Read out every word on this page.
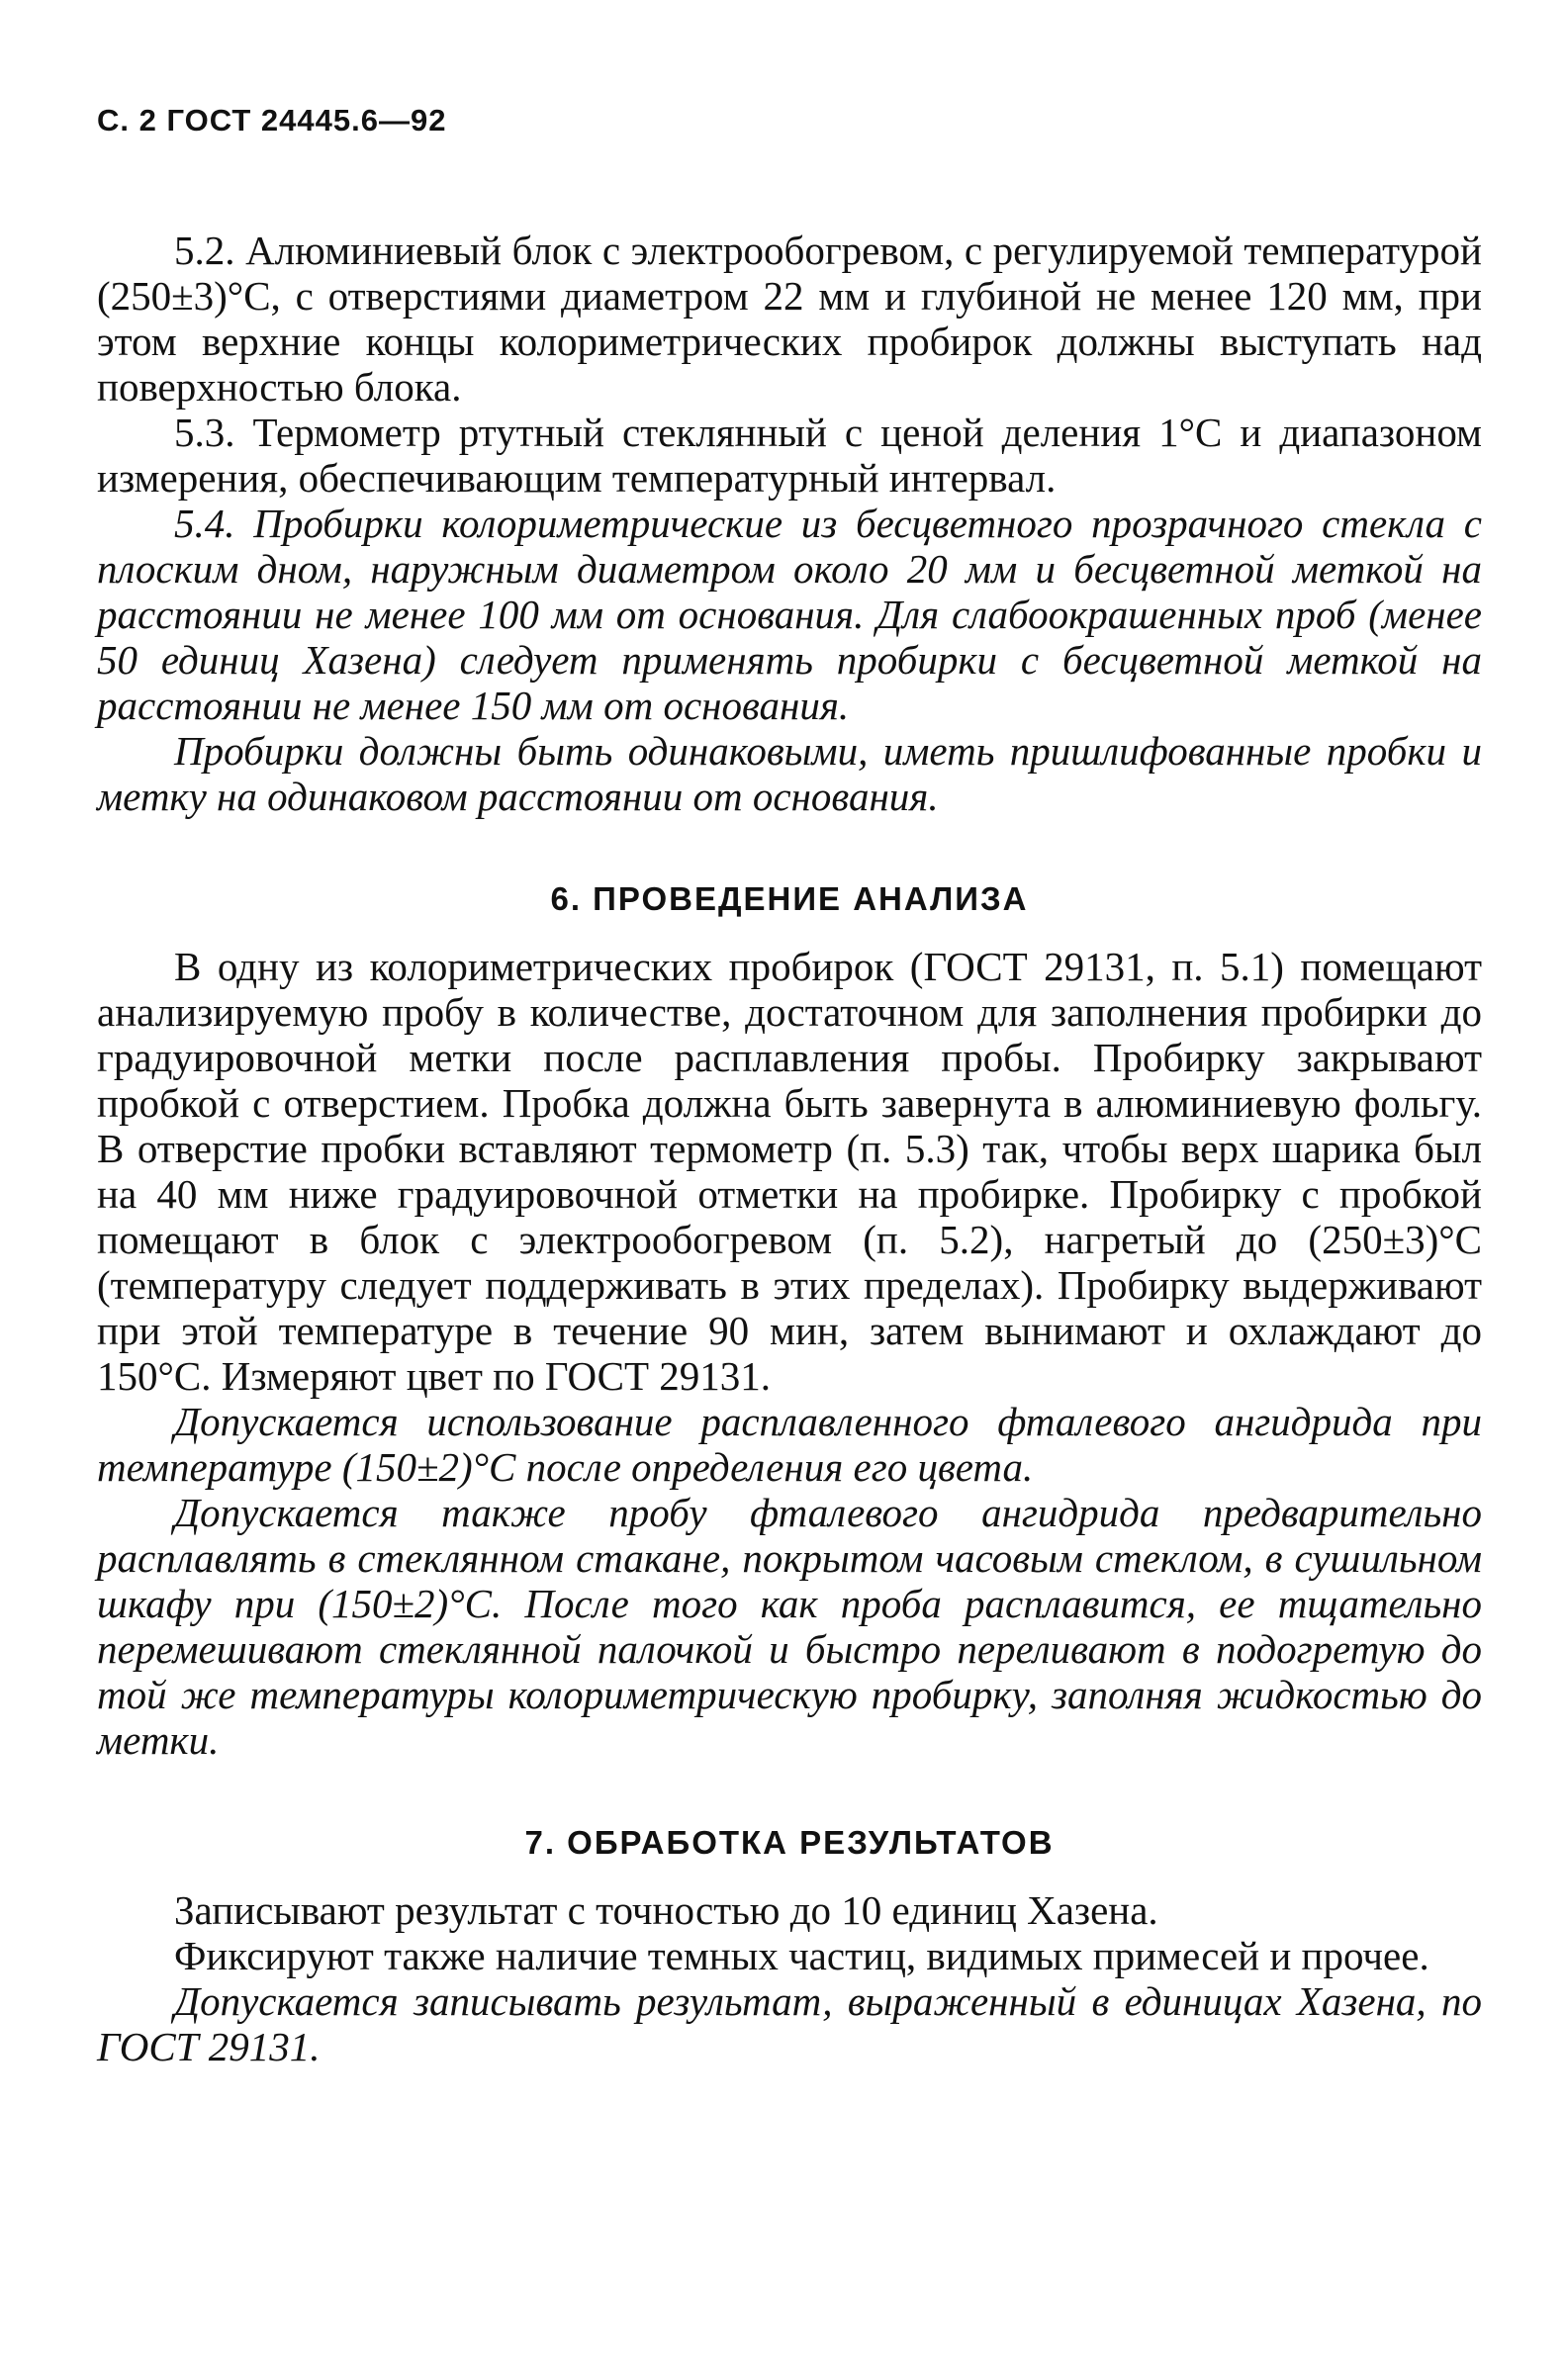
С. 2 ГОСТ 24445.6—92

5.2. Алюминиевый блок с электрообогревом, с регулируемой температурой (250±3)°С, с отверстиями диаметром 22 мм и глубиной не менее 120 мм, при этом верхние концы колориметрических пробирок должны выступать над поверхностью блока.

5.3. Термометр ртутный стеклянный с ценой деления 1°С и диапазоном измерения, обеспечивающим температурный интервал.

5.4. Пробирки колориметрические из бесцветного прозрачного стекла с плоским дном, наружным диаметром около 20 мм и бесцветной меткой на расстоянии не менее 100 мм от основания. Для слабоокрашенных проб (менее 50 единиц Хазена) следует применять пробирки с бесцветной меткой на расстоянии не менее 150 мм от основания.

Пробирки должны быть одинаковыми, иметь пришлифованные пробки и метку на одинаковом расстоянии от основания.

6. ПРОВЕДЕНИЕ АНАЛИЗА

В одну из колориметрических пробирок (ГОСТ 29131, п. 5.1) помещают анализируемую пробу в количестве, достаточном для заполнения пробирки до градуировочной метки после расплавления пробы. Пробирку закрывают пробкой с отверстием. Пробка должна быть завернута в алюминиевую фольгу. В отверстие пробки вставляют термометр (п. 5.3) так, чтобы верх шарика был на 40 мм ниже градуировочной отметки на пробирке. Пробирку с пробкой помещают в блок с электрообогревом (п. 5.2), нагретый до (250±3)°С (температуру следует поддерживать в этих пределах). Пробирку выдерживают при этой температуре в течение 90 мин, затем вынимают и охлаждают до 150°С. Измеряют цвет по ГОСТ 29131.

Допускается использование расплавленного фталевого ангидрида при температуре (150±2)°С после определения его цвета.

Допускается также пробу фталевого ангидрида предварительно расплавлять в стеклянном стакане, покрытом часовым стеклом, в сушильном шкафу при (150±2)°С. После того как проба расплавится, ее тщательно перемешивают стеклянной палочкой и быстро переливают в подогретую до той же температуры колориметрическую пробирку, заполняя жидкостью до метки.

7. ОБРАБОТКА РЕЗУЛЬТАТОВ

Записывают результат с точностью до 10 единиц Хазена.

Фиксируют также наличие темных частиц, видимых примесей и прочее.

Допускается записывать результат, выраженный в единицах Хазена, по ГОСТ 29131.
